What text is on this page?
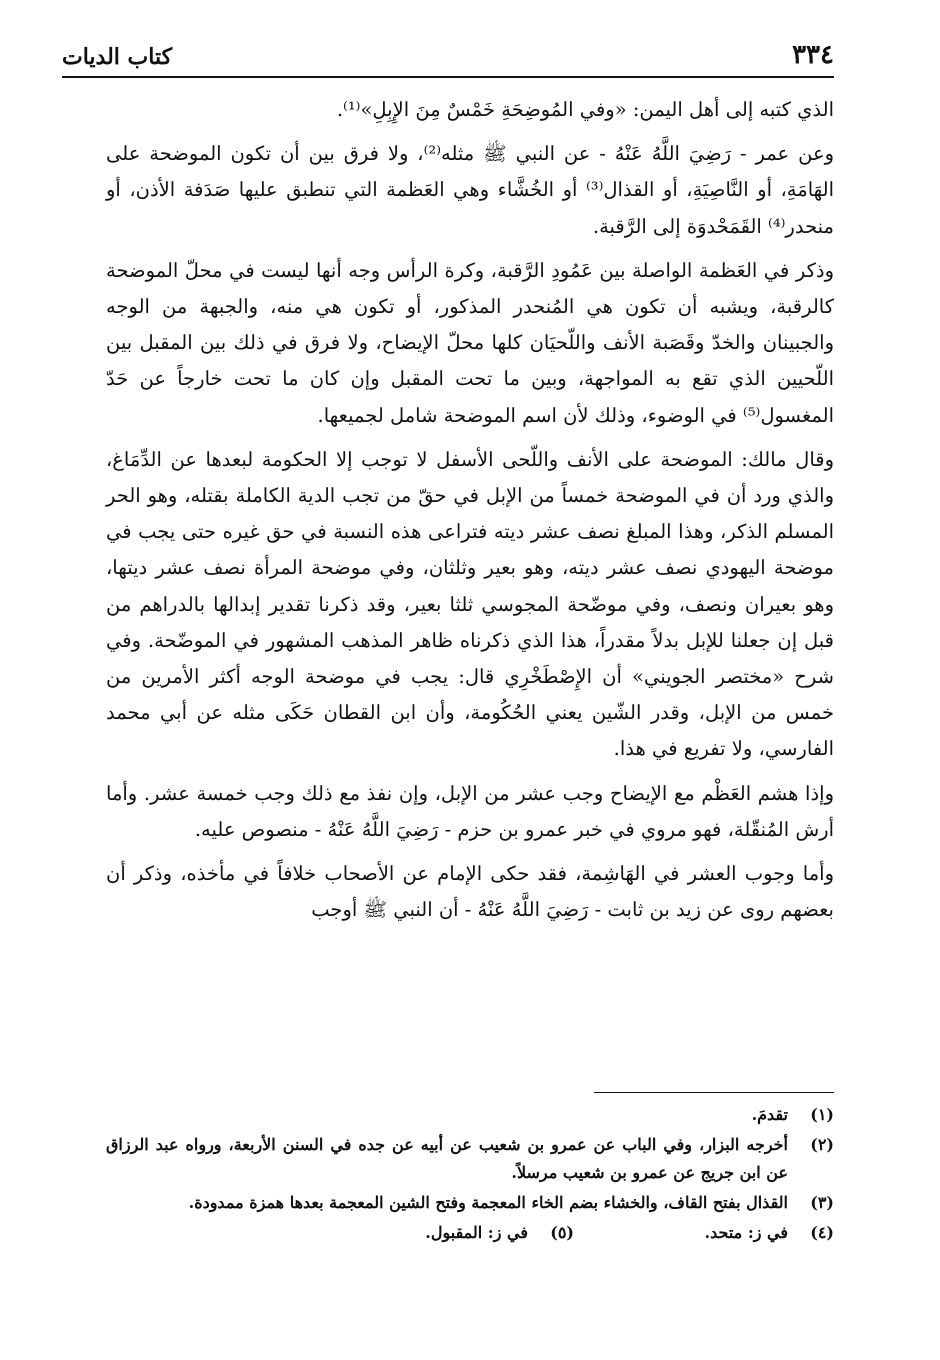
٣٣٤
كتاب الديات

الذي كتبه إلى أهل اليمن: «وفي المُوضِحَةِ خَمْسٌ مِنَ الإِبِلِ»⁽¹⁾.

وعن عمر - رَضِيَ اللَّهُ عَنْهُ - عن النبي ﷺ مثله⁽²⁾، ولا فرق بين أن تكون الموضحة على الهَامَةِ، أو النَّاصِيَةِ، أو القذال⁽³⁾ أو الخُشَّاء وهي العَظمة التي تنطبق عليها صَدَفة الأذن، أو منحدر⁽⁴⁾ القَمَحْدوَة إلى الرَّقبة.

وذكر في العَظمة الواصلة بين عَمُودِ الرَّقبة، وكرة الرأس وجه أنها ليست في محلّ الموضحة كالرقبة، ويشبه أن تكون هي المُنحدر المذكور، أو تكون هي منه، والجبهة من الوجه والجبينان والخدّ وقَصَبة الأنف واللّحيَان كلها محلّ الإيضاح، ولا فرق في ذلك بين المقبل بين اللّحيين الذي تقع به المواجهة، وبين ما تحت المقبل وإن كان ما تحت خارجاً عن حَدّ المغسول⁽⁵⁾ في الوضوء، وذلك لأن اسم الموضحة شامل لجميعها.

وقال مالك: الموضحة على الأنف واللّحى الأسفل لا توجب إلا الحكومة لبعدها عن الدِّمَاغ، والذي ورد أن في الموضحة خمساً من الإبل في حقّ من تجب الدية الكاملة بقتله، وهو الحر المسلم الذكر، وهذا المبلغ نصف عشر ديته فتراعى هذه النسبة في حق غيره حتى يجب في موضحة اليهودي نصف عشر ديته، وهو بعير وثلثان، وفي موضحة المرأة نصف عشر ديتها، وهو بعيران ونصف، وفي موضّحة المجوسي ثلثا بعير، وقد ذكرنا تقدير إبدالها بالدراهم من قبل إن جعلنا للإبل بدلاً مقدراً، هذا الذي ذكرناه ظاهر المذهب المشهور في الموضّحة. وفي شرح «مختصر الجويني» أن الإِصْطَخْرِي قال: يجب في موضحة الوجه أكثر الأمرين من خمس من الإبل، وقدر الشّين يعني الحُكُومة، وأن ابن القطان حَكَى مثله عن أبي محمد الفارسي، ولا تفريع في هذا.

وإذا هشم العَظْم مع الإيضاح وجب عشر من الإبل، وإن نفذ مع ذلك وجب خمسة عشر. وأما أرش المُنقّلة، فهو مروي في خبر عمرو بن حزم - رَضِيَ اللَّهُ عَنْهُ - منصوص عليه.

وأما وجوب العشر في الهَاشِمة، فقد حكى الإمام عن الأصحاب خلافاً في مأخذه، وذكر أن بعضهم روى عن زيد بن ثابت - رَضِيَ اللَّهُ عَنْهُ - أن النبي ﷺ أوجب

(١)
تقدمَ.
(٢)
أخرجه البزار، وفي الباب عن عمرو بن شعيب عن أبيه عن جده في السنن الأربعة، ورواه عبد الرزاق عن ابن جريج عن عمرو بن شعيب مرسلاً.
(٣)
القذال بفتح القاف، والخشاء بضم الخاء المعجمة وفتح الشين المعجمة بعدها همزة ممدودة.
(٤)
في ز: متحد.
(٥)
في ز: المقبول.
